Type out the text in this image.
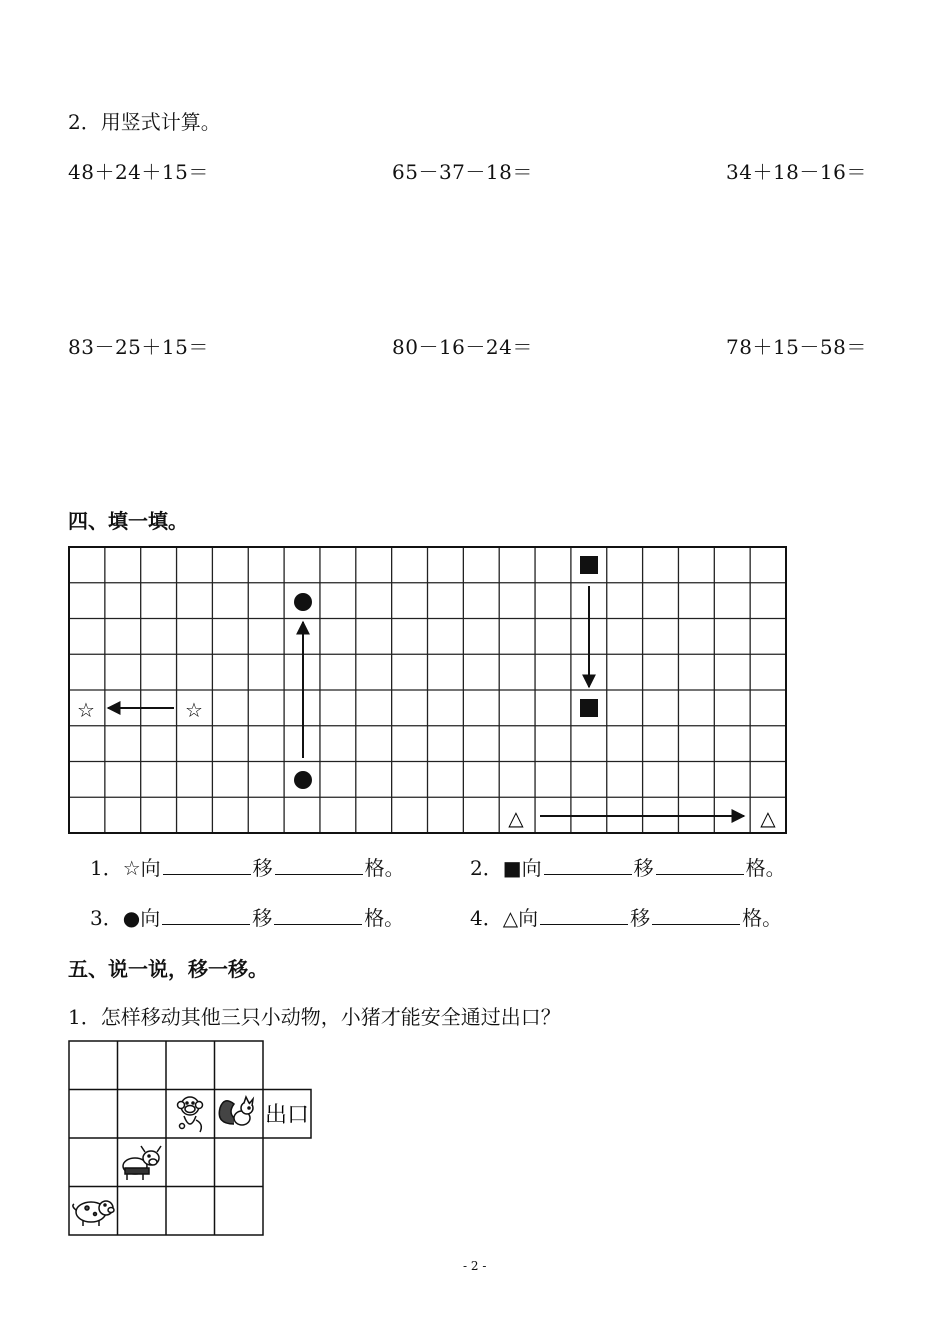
2．用竖式计算。
48＋24＋15＝	65－37－18＝	34＋18－16＝
83－25＋15＝	80－16－24＝	78＋15－58＝
四、填一填。
☆	☆
△	△
1． ☆ 向	移	格。	2． ■ 向	移	格。
3． ● 向	移	格。	4． △ 向	移	格。
五、说一说，移一移。
1．怎样移动其他三只小动物，小猪才能安全通过出口？
出口
- 2 -
